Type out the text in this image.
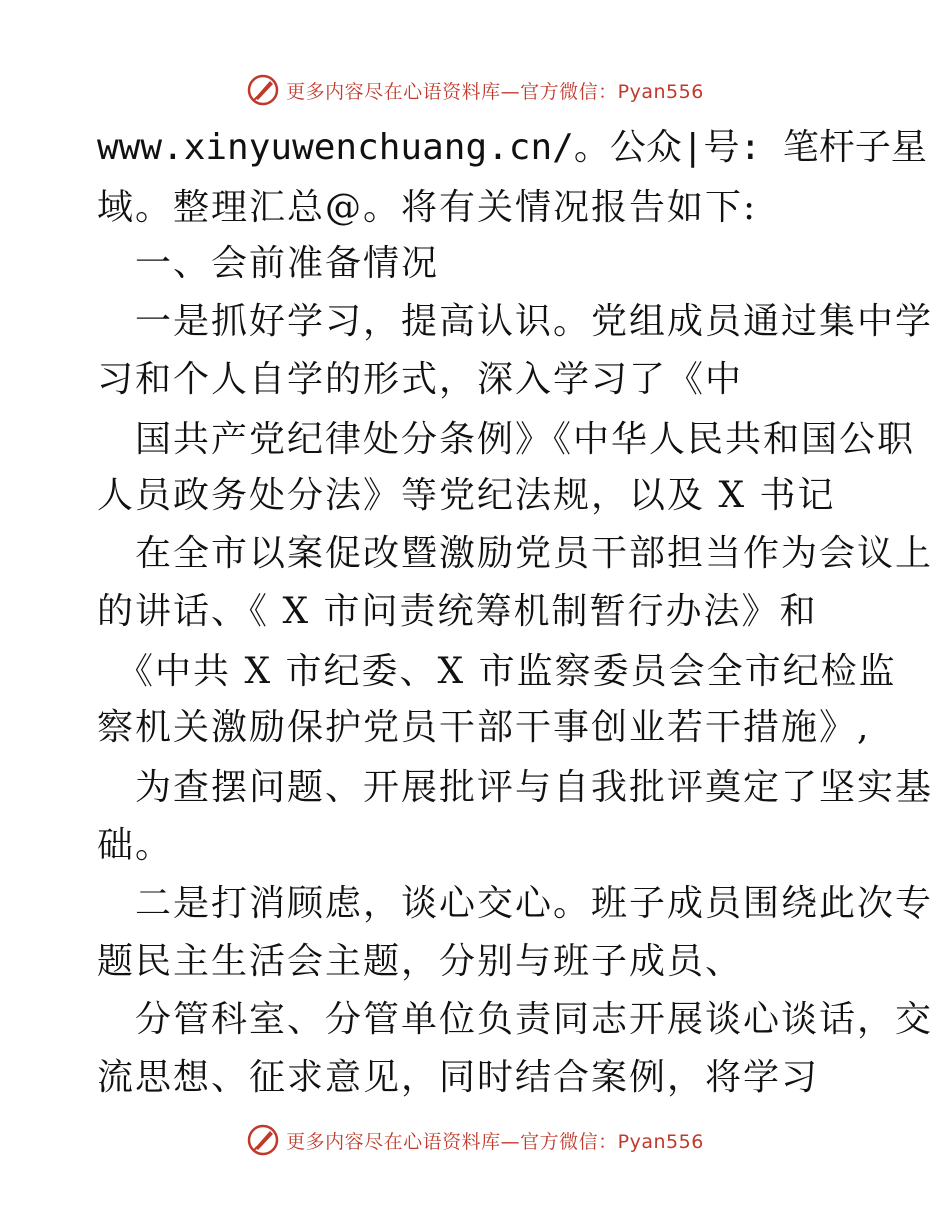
更多内容尽在心语资料库—官方微信：Pyan556
www.xinyuwenchuang.cn/。公众|号: 笔杆子星
域。整理汇总@。将有关情况报告如下:
　一、会前准备情况
　一是抓好学习，提高认识。党组成员通过集中学
习和个人自学的形式，深入学习了《中
　国共产党纪律处分条例》《中华人民共和国公职
人员政务处分法》等党纪法规，以及 X 书记
　在全市以案促改暨激励党员干部担当作为会议上
的讲话、《 X 市问责统筹机制暂行办法》和
　《中共 X 市纪委、X 市监察委员会全市纪检监
察机关激励保护党员干部干事创业若干措施》,
　为查摆问题、开展批评与自我批评奠定了坚实基
础。
　二是打消顾虑，谈心交心。班子成员围绕此次专
题民主生活会主题，分别与班子成员、
　分管科室、分管单位负责同志开展谈心谈话，交
流思想、征求意见，同时结合案例，将学习
更多内容尽在心语资料库—官方微信：Pyan556
